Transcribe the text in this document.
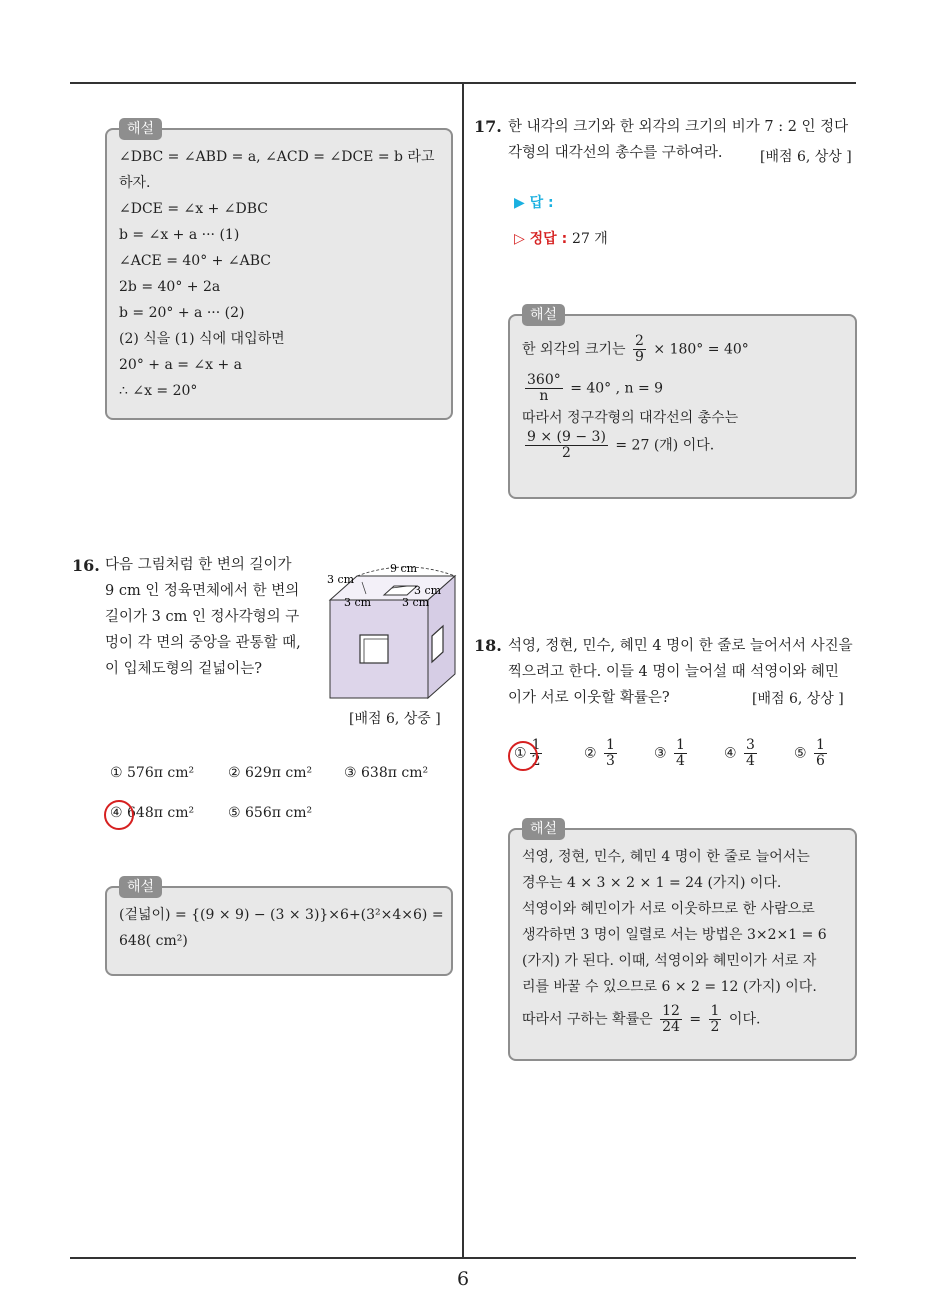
해설
∠DBC = ∠ABD = a, ∠ACD = ∠DCE = b 라고
하자.
∠DCE = ∠x + ∠DBC
b = ∠x + a ··· (1)
∠ACE = 40° + ∠ABC
2b = 40° + 2a
b = 20° + a ··· (2)
(2) 식을 (1) 식에 대입하면
20° + a = ∠x + a
∴ ∠x = 20°
16. 다음 그림처럼 한 변의 길이가
9 cm 인 정육면체에서 한 변의
길이가 3 cm 인 정사각형의 구
멍이 각 면의 중앙을 관통할 때,
이 입체도형의 겉넓이는?
9 cm
3 cm
3 cm
3 cm	3 cm
[배점 6, 상중 ]
① 576π cm² ② 629π cm² ③ 638π cm²
④ 648π cm² ⑤ 656π cm²
해설
(겉넓이) = {(9 × 9) − (3 × 3)}×6+(3²×4×6) =
648( cm²)
17. 한 내각의 크기와 한 외각의 크기의 비가 7 : 2 인 정다
각형의 대각선의 총수를 구하여라.	[배점 6, 상상 ]
▶ 답 :
▷ 정답 : 27 개
해설
한 외각의 크기는 $\frac{2}{9} \times 180^\circ = 40^\circ$
$\frac{360^\circ}{n} = 40^\circ$ , n = 9
따라서 정구각형의 대각선의 총수는
$\frac{9 \times (9 - 3)}{2} = 27$ (개) 이다.
18. 석영, 정현, 민수, 혜민 4 명이 한 줄로 늘어서서 사진을
찍으려고 한다. 이들 4 명이 늘어설 때 석영이와 혜민
이가 서로 이웃할 확률은?	[배점 6, 상상 ]
① $\frac{1}{2}$	② $\frac{1}{3}$	③ $\frac{1}{4}$	④ $\frac{3}{4}$	⑤ $\frac{1}{6}$
해설
석영, 정현, 민수, 혜민 4 명이 한 줄로 늘어서는
경우는 4 × 3 × 2 × 1 = 24 (가지) 이다.
석영이와 혜민이가 서로 이웃하므로 한 사람으로
생각하면 3 명이 일렬로 서는 방법은 3×2×1 = 6
(가지) 가 된다. 이때, 석영이와 혜민이가 서로 자
리를 바꿀 수 있으므로 6 × 2 = 12 (가지) 이다.
따라서 구하는 확률은 $\frac{12}{24} = \frac{1}{2}$ 이다.
6
